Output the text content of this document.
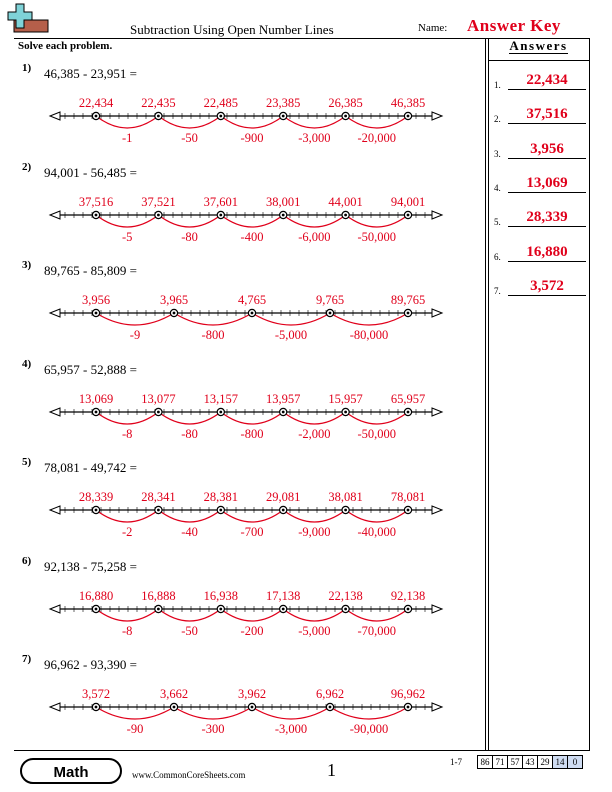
Subtraction Using Open Number Lines	Name: Answer Key
Solve each problem.	Answers
1.	22,434
2.	37,516
3.	3,956
4.	13,069
5.	28,339
6.	16,880
7.	3,572
1) 46,385 - 23,951 =
-1	-50	-900	-3,000 -20,000
22,434 22,435 22,485 23,385 26,385 46,385
2) 94,001 - 56,485 =
-5	-80	-400	-6,000 -50,000
37,516 37,521 37,601 38,001 44,001 94,001
3) 89,765 - 85,809 =
-9	-800	-5,000	-80,000
3,956	3,965	4,765	9,765	89,765
4) 65,957 - 52,888 =
-8	-80	-800	-2,000 -50,000
13,069 13,077 13,157 13,957 15,957 65,957
5) 78,081 - 49,742 =
-2	-40	-700	-9,000 -40,000
28,339 28,341 28,381 29,081 38,081 78,081
6) 92,138 - 75,258 =
-8	-50	-200	-5,000 -70,000
16,880 16,888 16,938 17,138 22,138 92,138
7) 96,962 - 93,390 =
-90	-300	-3,000	-90,000
3,572	3,662	3,962	6,962	96,962
Math	www.CommonCoreSheets.com	1	1-7 86	71	57	43	29	14	0
